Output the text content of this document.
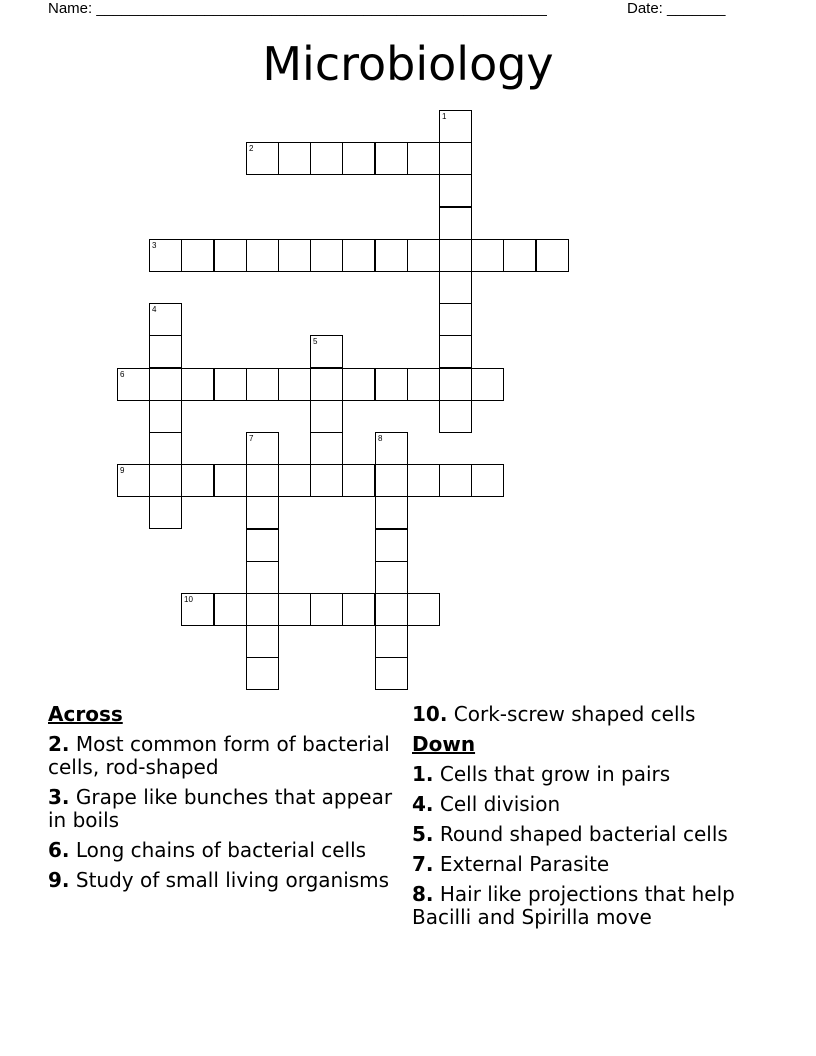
Name: ______________________________________________________	Date: _______
Microbiology
1
2
3
4
5
6
7	8
9
10
Across
2. Most common form of bacterial cells, rod-shaped
3. Grape like bunches that appear in boils
6. Long chains of bacterial cells
9. Study of small living organisms
10. Cork-screw shaped cells
Down
1. Cells that grow in pairs
4. Cell division
5. Round shaped bacterial cells
7. External Parasite
8. Hair like projections that help Bacilli and Spirilla move
